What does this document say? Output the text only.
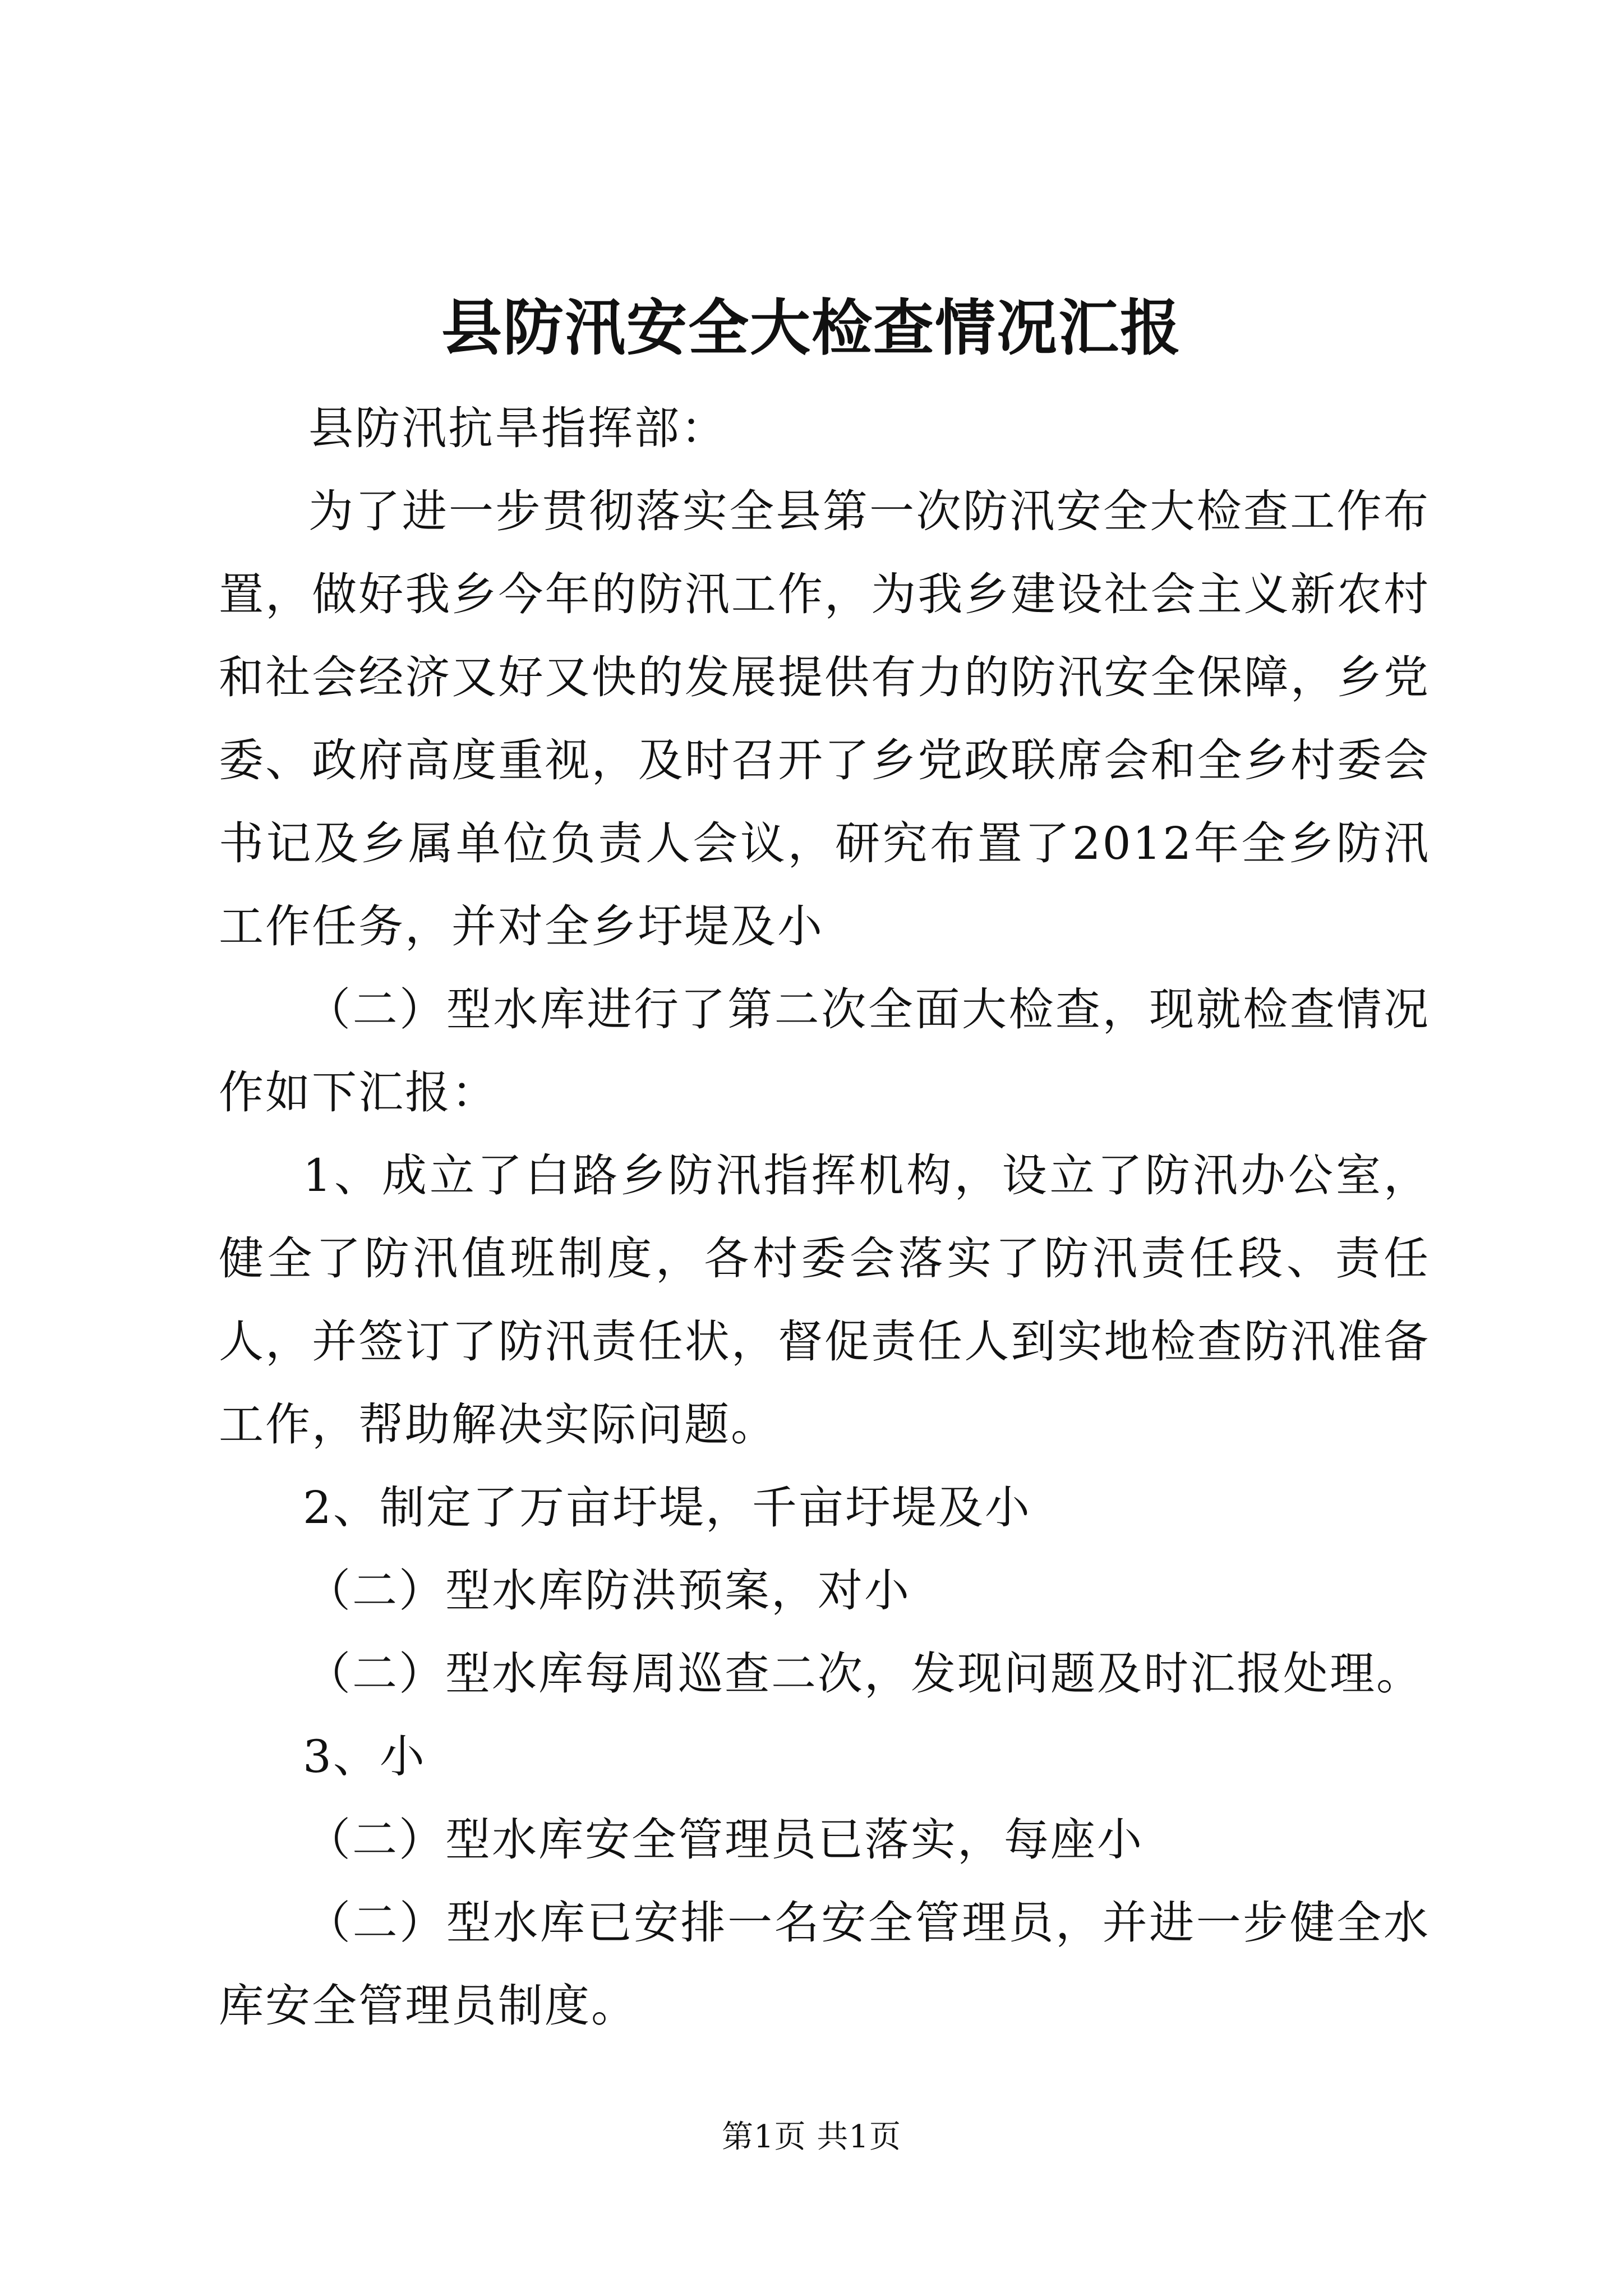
县防汛安全大检查情况汇报

县防汛抗旱指挥部：

为了进一步贯彻落实全县第一次防汛安全大检查工作布置，做好我乡今年的防汛工作，为我乡建设社会主义新农村和社会经济又好又快的发展提供有力的防汛安全保障，乡党委、政府高度重视，及时召开了乡党政联席会和全乡村委会书记及乡属单位负责人会议，研究布置了2012年全乡防汛工作任务，并对全乡圩堤及小

（二）型水库进行了第二次全面大检查，现就检查情况作如下汇报：

1、成立了白路乡防汛指挥机构，设立了防汛办公室，健全了防汛值班制度，各村委会落实了防汛责任段、责任人，并签订了防汛责任状，督促责任人到实地检查防汛准备工作，帮助解决实际问题。

2、制定了万亩圩堤，千亩圩堤及小

（二）型水库防洪预案，对小

（二）型水库每周巡查二次，发现问题及时汇报处理。

3、小

（二）型水库安全管理员已落实，每座小

（二）型水库已安排一名安全管理员，并进一步健全水库安全管理员制度。

第1页 共1页
